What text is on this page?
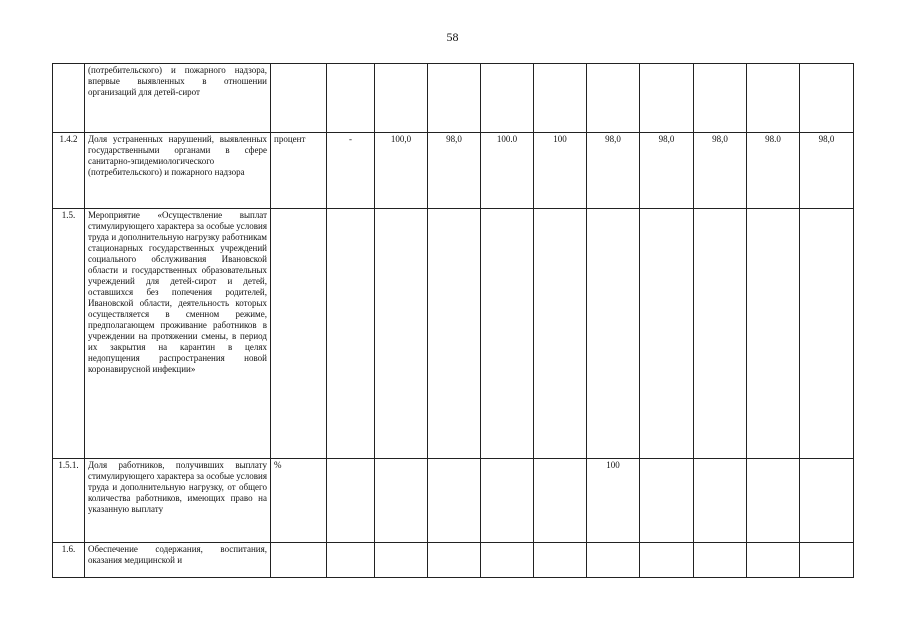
58
	(потребительского) и пожарного надзора, впервые выявленных в отношении организаций для детей-сирот											
1.4.2	Доля устраненных нарушений, выявленных государственными органами в сфере санитарно-эпидемиологического (потребительского) и пожарного надзора	процент	-	100,0	98,0	100.0	100	98,0	98,0	98,0	98.0	98,0
1.5.	Мероприятие «Осуществление выплат стимулирующего характера за особые условия труда и дополнительную нагрузку работникам стационарных государственных учреждений социального обслуживания Ивановской области и государственных образовательных учреждений для детей-сирот и детей, оставшихся без попечения родителей, Ивановской области, деятельность которых осуществляется в сменном режиме, предполагающем проживание работников в учреждении на протяжении смены, в период их закрытия на карантин в целях недопущения распространения новой коронавирусной инфекции»											
1.5.1.	Доля работников, получивших выплату стимулирующего характера за особые условия труда и дополнительную нагрузку, от общего количества работников, имеющих право на указанную выплату	%						100				
1.6.	Обеспечение содержания, воспитания, оказания медицинской и											
